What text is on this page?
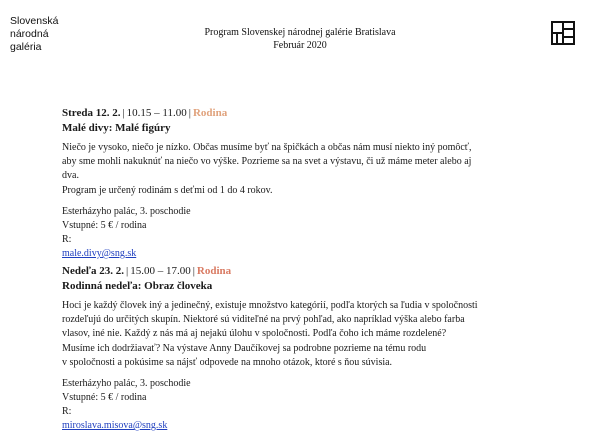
Slovenská
národná
galéria
Program Slovenskej národnej galérie Bratislava
Február 2020
Streda 12. 2. | 10.15 – 11.00 | Rodina
Malé divy: Malé figúry
Niečo je vysoko, niečo je nízko. Občas musíme byť na špičkách a občas nám musí niekto iný pomôcť,
aby sme mohli nakuknúť na niečo vo výške. Pozrieme sa na svet a výstavu, či už máme meter alebo aj
dva.
Program je určený rodinám s deťmi od 1 do 4 rokov.
Esterházyho palác, 3. poschodie
Vstupné: 5 € / rodina
R:
male.divy@sng.sk
Nedeľa 23. 2. | 15.00 – 17.00 | Rodina
Rodinná nedeľa: Obraz človeka
Hoci je každý človek iný a jedinečný, existuje množstvo kategórií, podľa ktorých sa ľudia v spoločnosti
rozdeľujú do určitých skupín. Niektoré sú viditeľné na prvý pohľad, ako napríklad výška alebo farba
vlasov, iné nie. Každý z nás má aj nejakú úlohu v spoločnosti. Podľa čoho ich máme rozdelené?
Musíme ich dodržiavať? Na výstave Anny Daučíkovej sa podrobne pozrieme na tému rodu
v spoločnosti a pokúsime sa nájsť odpovede na mnoho otázok, ktoré s ňou súvisia.
Esterházyho palác, 3. poschodie
Vstupné: 5 € / rodina
R:
miroslava.misova@sng.sk
